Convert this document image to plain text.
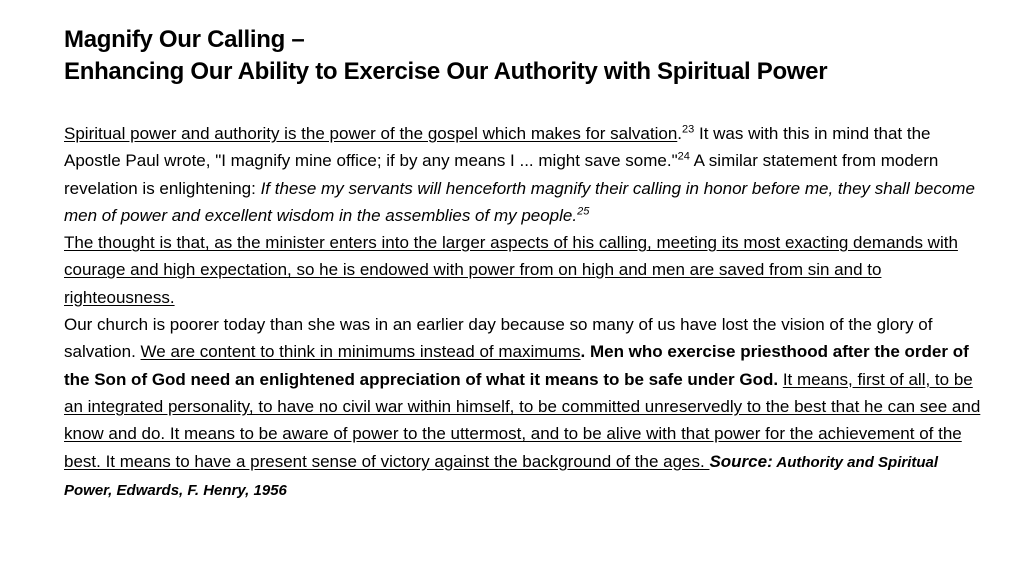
Magnify Our Calling –
Enhancing Our Ability to Exercise Our Authority with Spiritual Power

Spiritual power and authority is the power of the gospel which makes for salvation.$^{23}$ It was with this in mind that the Apostle Paul wrote, "I magnify mine office; if by any means I ... might save some."$^{24}$ A similar statement from modern revelation is enlightening: If these my servants will henceforth magnify their calling in honor before me, they shall become men of power and excellent wisdom in the assemblies of my people.$^{25}$

The thought is that, as the minister enters into the larger aspects of his calling, meeting its most exacting demands with courage and high expectation, so he is endowed with power from on high and men are saved from sin and to righteousness.

Our church is poorer today than she was in an earlier day because so many of us have lost the vision of the glory of salvation. We are content to think in minimums instead of maximums. Men who exercise priesthood after the order of the Son of God need an enlightened appreciation of what it means to be safe under God. It means, first of all, to be an integrated personality, to have no civil war within himself, to be committed unreservedly to the best that he can see and know and do. It means to be aware of power to the uttermost, and to be alive with that power for the achievement of the best. It means to have a present sense of victory against the background of the ages. Source: Authority and Spiritual Power, Edwards, F. Henry, 1956
